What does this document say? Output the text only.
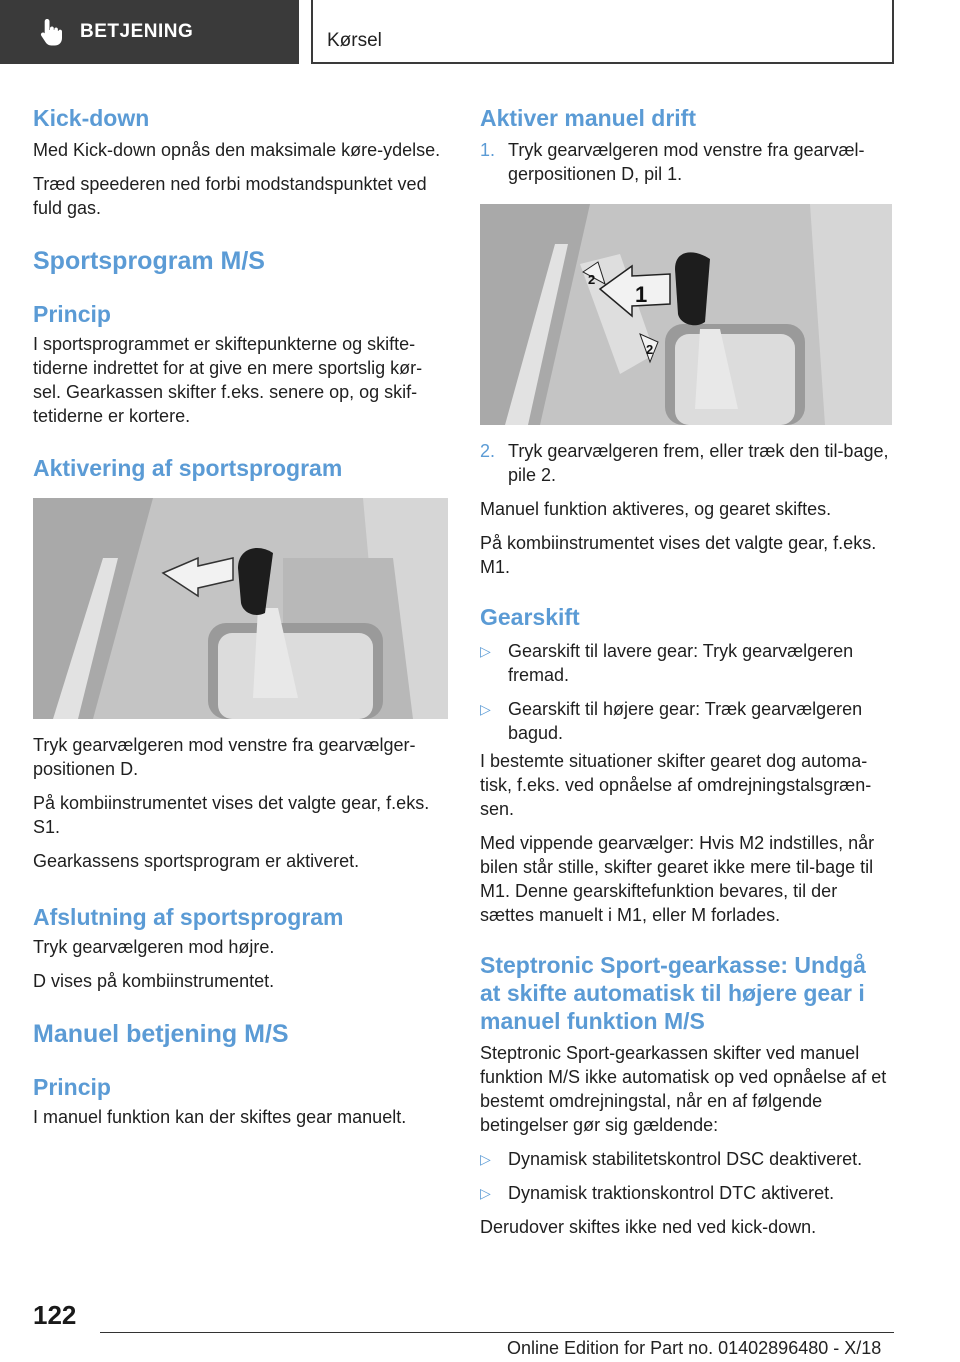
BETJENING	Kørsel
Kick-down

Med Kick-down opnås den maksimale køre-ydelse.

Træd speederen ned forbi modstandspunktet ved fuld gas.

Sportsprogram M/S
Princip

I sportsprogrammet er skiftepunkterne og skifte-tiderne indrettet for at give en mere sportslig kør-sel. Gearkassen skifter f.eks. senere op, og skif-tetiderne er kortere.

Aktivering af sportsprogram

Tryk gearvælgeren mod venstre fra gearvælger-positionen D.

På kombiinstrumentet vises det valgte gear, f.eks. S1.

Gearkassens sportsprogram er aktiveret.

Afslutning af sportsprogram

Tryk gearvælgeren mod højre.

D vises på kombiinstrumentet.

Manuel betjening M/S
Princip

I manuel funktion kan der skiftes gear manuelt.

Aktiver manuel drift
1. Tryk gearvælgeren mod venstre fra gearvæl-gerpositionen D, pil 1.
1
2
2
2. Tryk gearvælgeren frem, eller træk den til-bage, pile 2.

Manuel funktion aktiveres, og gearet skiftes.

På kombiinstrumentet vises det valgte gear, f.eks. M1.

Gearskift
▷ Gearskift til lavere gear: Tryk gearvælgeren fremad.
▷ Gearskift til højere gear: Træk gearvælgeren bagud.

I bestemte situationer skifter gearet dog automa-tisk, f.eks. ved opnåelse af omdrejningstalsgræn-sen.

Med vippende gearvælger: Hvis M2 indstilles, når bilen står stille, skifter gearet ikke mere til-bage til M1. Denne gearskiftefunktion bevares, til der sættes manuelt i M1, eller M forlades.

Steptronic Sport-gearkasse: Undgå at skifte automatisk til højere gear i manuel funktion M/S

Steptronic Sport-gearkassen skifter ved manuel funktion M/S ikke automatisk op ved opnåelse af et bestemt omdrejningstal, når en af følgende betingelser gør sig gældende:

▷ Dynamisk stabilitetskontrol DSC deaktiveret.
▷ Dynamisk traktionskontrol DTC aktiveret.

Derudover skiftes ikke ned ved kick-down.

122
Online Edition for Part no. 01402896480 - X/18
